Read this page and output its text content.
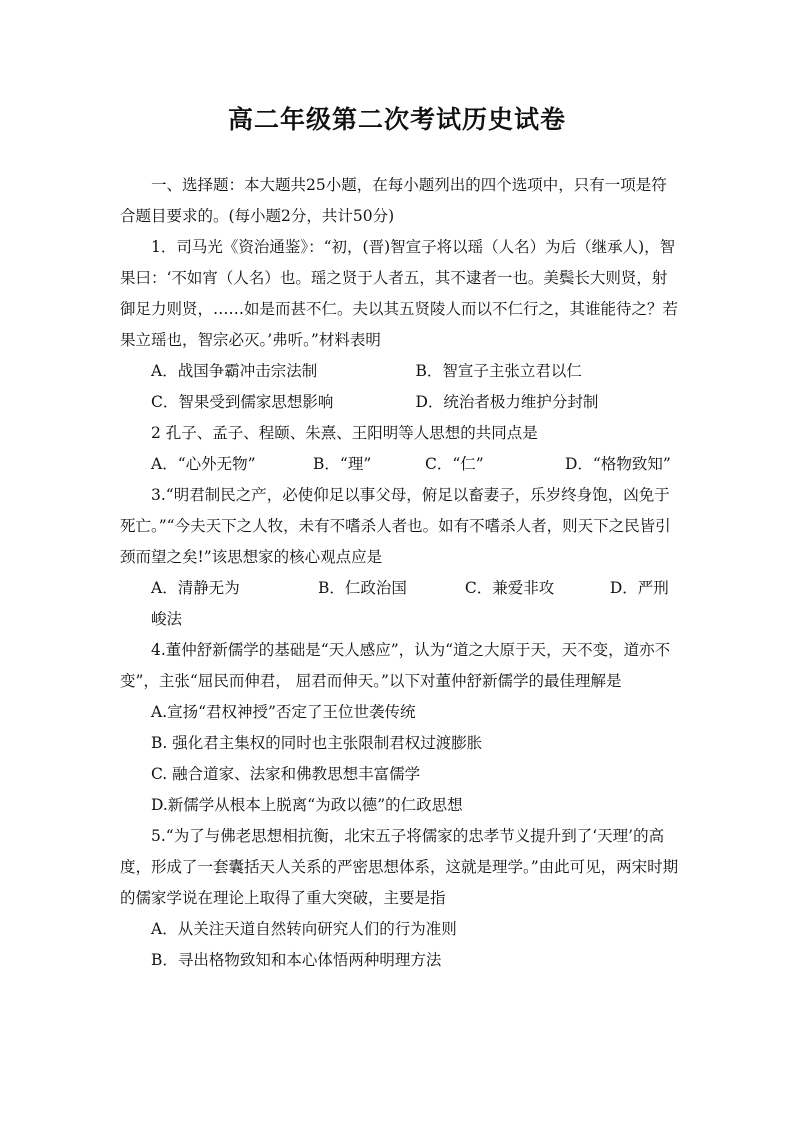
高二年级第二次考试历史试卷

一、选择题：本大题共25小题，在每小题列出的四个选项中，只有一项是符合题目要求的。(每小题2分，共计50分)

1．司马光《资治通鉴》：“初，(晋)智宣子将以瑶（人名）为后（继承人)，智果曰：‘不如宵（人名）也。瑶之贤于人者五，其不逮者一也。美鬓长大则贤，射御足力则贤，……如是而甚不仁。夫以其五贤陵人而以不仁行之，其谁能待之？若果立瑶也，智宗必灭。’弗听。”材料表明

A．战国争霸冲击宗法制	B．智宣子主张立君以仁
C．智果受到儒家思想影响	D．统治者极力维护分封制

2 孔子、孟子、程颐、朱熹、王阳明等人思想的共同点是

A．“心外无物”	B．“理”	C．“仁”	D．“格物致知”

3.“明君制民之产，必使仰足以事父母，俯足以畜妻子，乐岁终身饱，凶免于死亡。”“今夫天下之人牧，未有不嗜杀人者也。如有不嗜杀人者，则天下之民皆引颈而望之矣!”该思想家的核心观点应是

A．清静无为	B．仁政治国	C．兼爱非攻	D．严刑峻法

4.董仲舒新儒学的基础是“天人感应”，认为“道之大原于天，天不变，道亦不变”，主张“屈民而伸君， 屈君而伸天。”以下对董仲舒新儒学的最佳理解是

A.宣扬“君权神授”否定了王位世袭传统

B. 强化君主集权的同时也主张限制君权过渡膨胀

C. 融合道家、法家和佛教思想丰富儒学

D.新儒学从根本上脱离“为政以德”的仁政思想

5.“为了与佛老思想相抗衡，北宋五子将儒家的忠孝节义提升到了‘天理’的高度，形成了一套囊括天人关系的严密思想体系，这就是理学。”由此可见，两宋时期的儒家学说在理论上取得了重大突破，主要是指

A．从关注天道自然转向研究人们的行为准则

B．寻出格物致知和本心体悟两种明理方法
